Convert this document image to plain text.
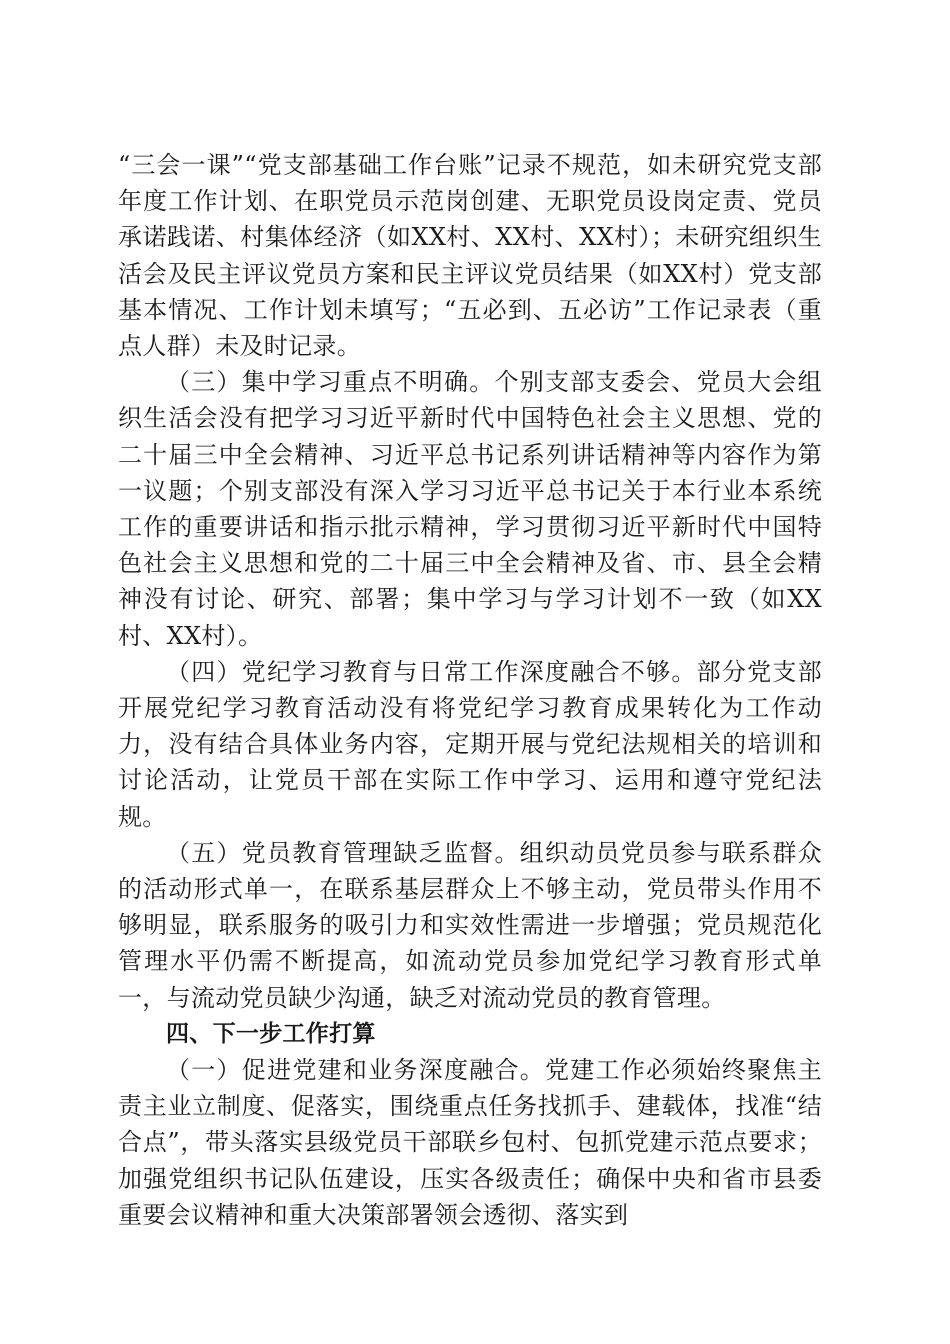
“三会一课”“党支部基础工作台账”记录不规范，如未研究党支部年度工作计划、在职党员示范岗创建、无职党员设岗定责、党员承诺践诺、村集体经济（如XX村、XX村、XX村）；未研究组织生活会及民主评议党员方案和民主评议党员结果（如XX村）党支部基本情况、工作计划未填写；“五必到、五必访”工作记录表（重点人群）未及时记录。

（三）集中学习重点不明确。个别支部支委会、党员大会组织生活会没有把学习习近平新时代中国特色社会主义思想、党的二十届三中全会精神、习近平总书记系列讲话精神等内容作为第一议题；个别支部没有深入学习习近平总书记关于本行业本系统工作的重要讲话和指示批示精神，学习贯彻习近平新时代中国特色社会主义思想和党的二十届三中全会精神及省、市、县全会精神没有讨论、研究、部署；集中学习与学习计划不一致（如XX村、XX村）。

（四）党纪学习教育与日常工作深度融合不够。部分党支部开展党纪学习教育活动没有将党纪学习教育成果转化为工作动力，没有结合具体业务内容，定期开展与党纪法规相关的培训和讨论活动，让党员干部在实际工作中学习、运用和遵守党纪法规。

（五）党员教育管理缺乏监督。组织动员党员参与联系群众的活动形式单一，在联系基层群众上不够主动，党员带头作用不够明显，联系服务的吸引力和实效性需进一步增强；党员规范化管理水平仍需不断提高，如流动党员参加党纪学习教育形式单一，与流动党员缺少沟通，缺乏对流动党员的教育管理。

四、下一步工作打算

（一）促进党建和业务深度融合。党建工作必须始终聚焦主责主业立制度、促落实，围绕重点任务找抓手、建载体，找准“结合点”，带头落实县级党员干部联乡包村、包抓党建示范点要求；加强党组织书记队伍建设，压实各级责任；确保中央和省市县委重要会议精神和重大决策部署领会透彻、落实到
